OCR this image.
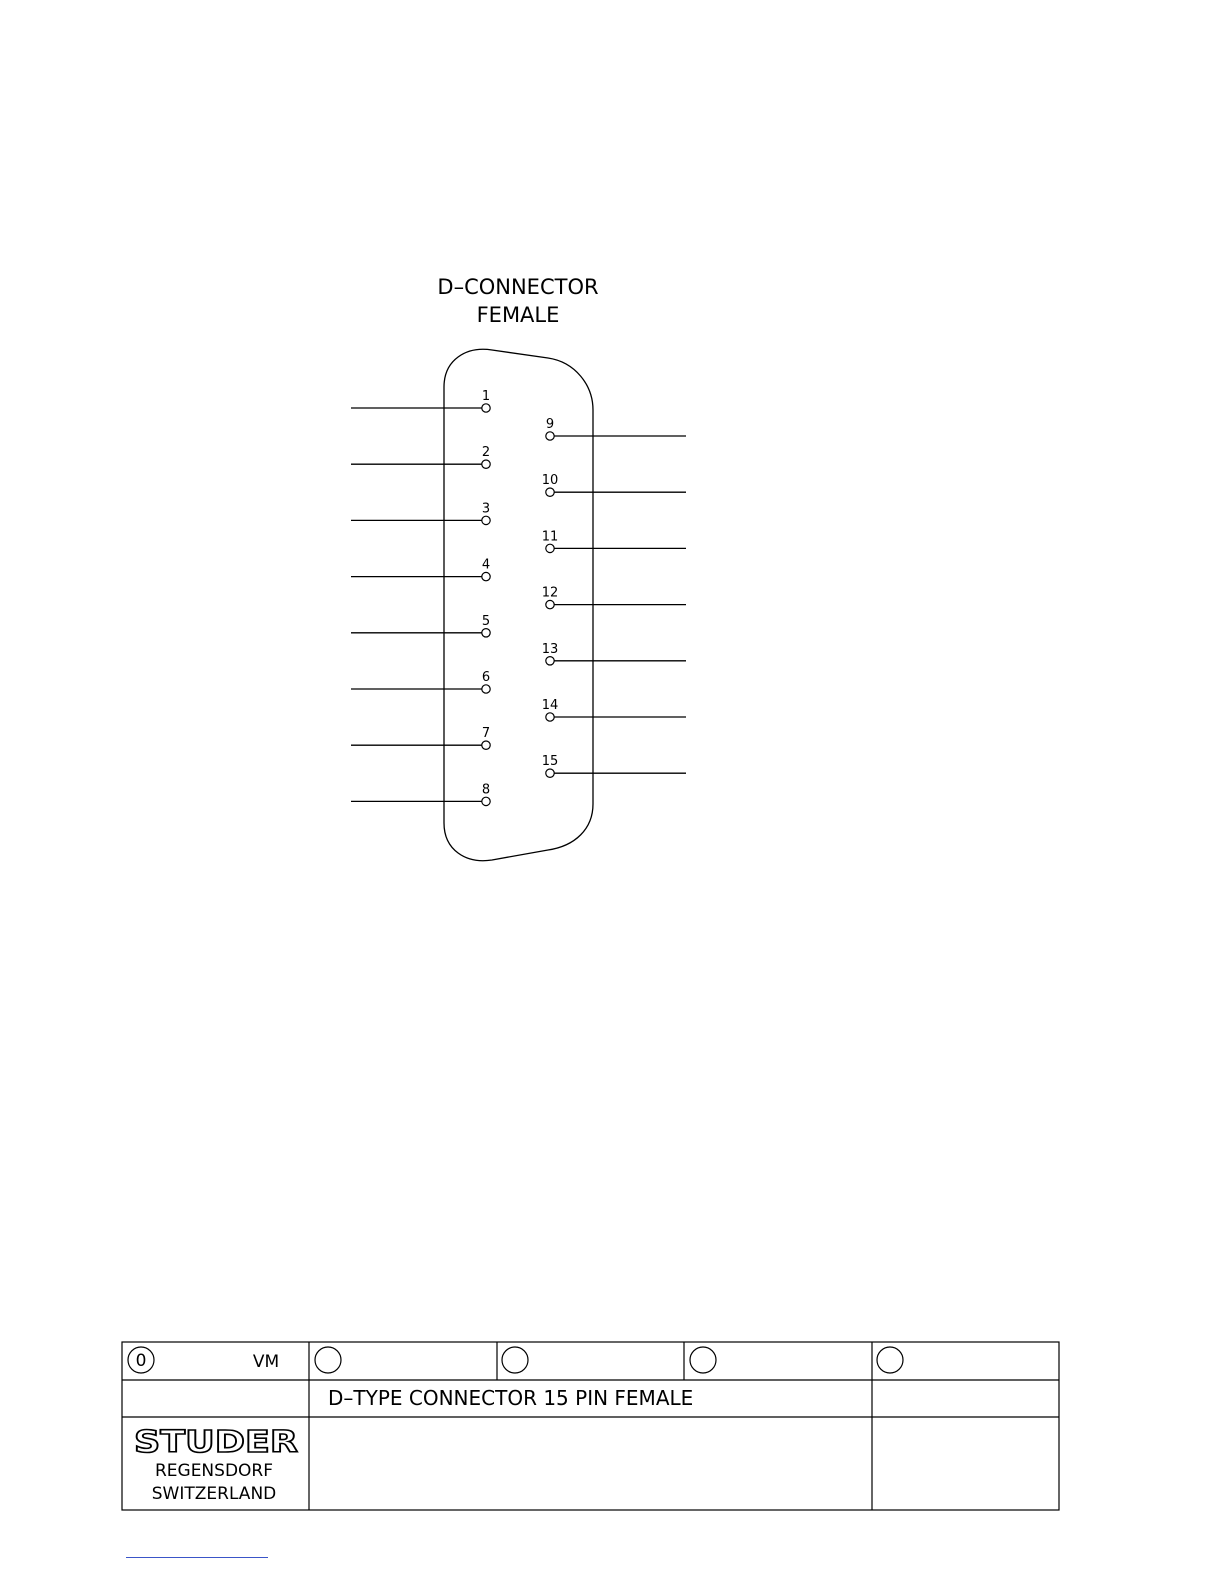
D–CONNECTOR
FEMALE
1
2
3
4
5
6
7
8
9
10
11
12
13
14
15
0	VM
D–TYPE CONNECTOR 15 PIN FEMALE
STUDER
REGENSDORF
SWITZERLAND
